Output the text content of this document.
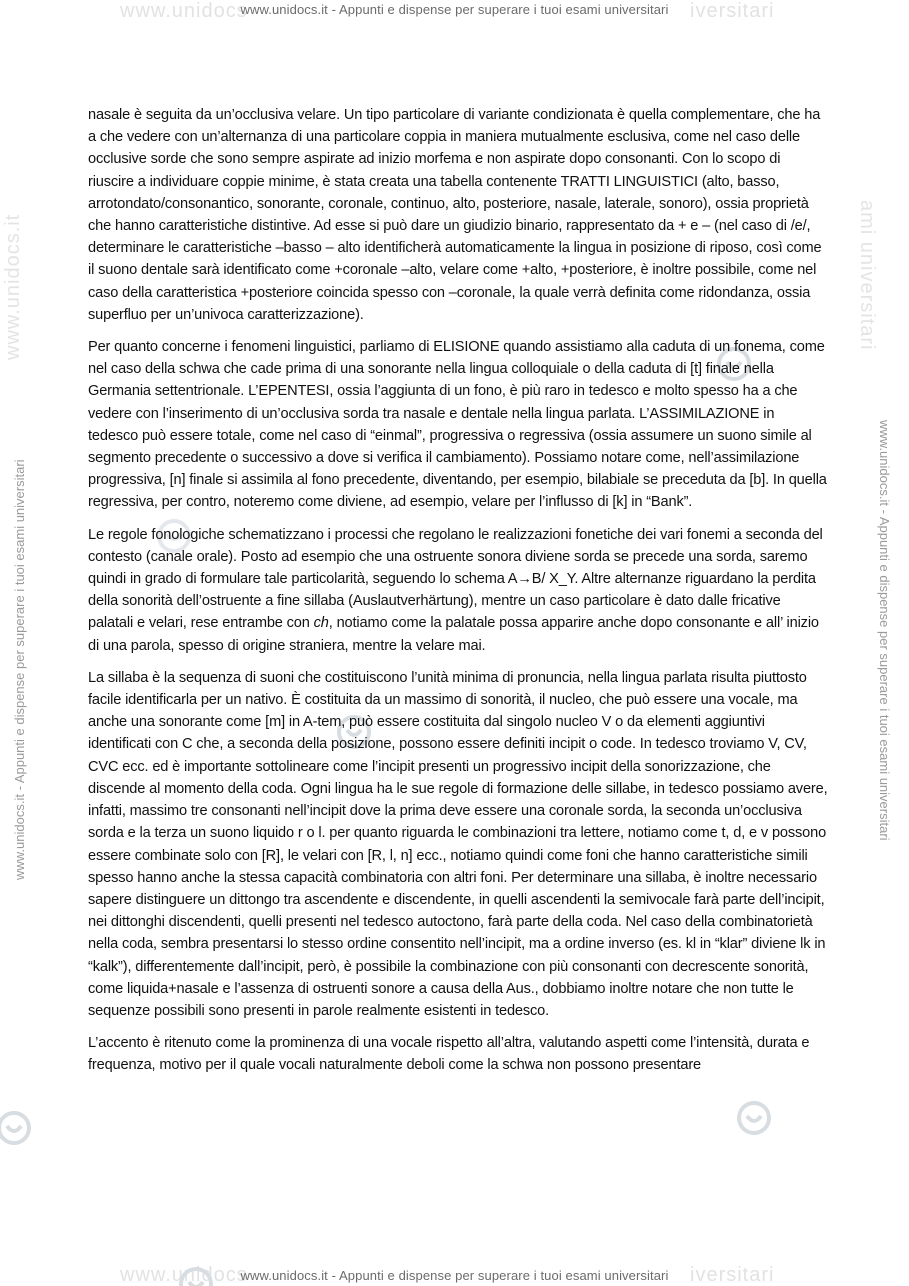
www.unidocs	iversitari
www.unidocs	iversitari
www.unidocs.it - Appunti e dispense per superare i tuoi esami universitari
www.unidocs.it - Appunti e dispense per superare i tuoi esami universitari
www.unidocs.it - Appunti e dispense per superare i tuoi esami universitari	www.unidocs.it - Appunti e dispense per superare i tuoi esami universitari
www.unidocs.it	ami universitari

nasale è seguita da un’occlusiva velare. Un tipo particolare di variante condizionata è quella complementare, che ha a che vedere con un’alternanza di una particolare coppia in maniera mutualmente esclusiva, come nel caso delle occlusive sorde che sono sempre aspirate ad inizio morfema e non aspirate dopo consonanti. Con lo scopo di riuscire a individuare coppie minime, è stata creata una tabella contenente TRATTI LINGUISTICI (alto, basso, arrotondato/consonantico, sonorante, coronale, continuo, alto, posteriore, nasale, laterale, sonoro), ossia proprietà che hanno caratteristiche distintive. Ad esse si può dare un giudizio binario, rappresentato da + e – (nel caso di /e/, determinare le caratteristiche –basso – alto identificherà automaticamente la lingua in posizione di riposo, così come il suono dentale sarà identificato come +coronale –alto, velare come +alto, +posteriore, è inoltre possibile, come nel caso della caratteristica +posteriore coincida spesso con –coronale, la quale verrà definita come ridondanza, ossia superfluo per un’univoca caratterizzazione).

Per quanto concerne i fenomeni linguistici, parliamo di ELISIONE quando assistiamo alla caduta di un fonema, come nel caso della schwa che cade prima di una sonorante nella lingua colloquiale o della caduta di [t] finale nella Germania settentrionale. L’EPENTESI, ossia l’aggiunta di un fono, è più raro in tedesco e molto spesso ha a che vedere con l’inserimento di un’occlusiva sorda tra nasale e dentale nella lingua parlata. L’ASSIMILAZIONE in tedesco può essere totale, come nel caso di “einmal”, progressiva o regressiva (ossia assumere un suono simile al segmento precedente o successivo a dove si verifica il cambiamento). Possiamo notare come, nell’assimilazione progressiva, [n] finale si assimila al fono precedente, diventando, per esempio, bilabiale se preceduta da [b]. In quella regressiva, per contro, noteremo come diviene, ad esempio, velare per l’influsso di [k] in “Bank”.

Le regole fonologiche schematizzano i processi che regolano le realizzazioni fonetiche dei vari fonemi a seconda del contesto (canale orale). Posto ad esempio che una ostruente sonora diviene sorda se precede una sorda, saremo quindi in grado di formulare tale particolarità, seguendo lo schema A→B/ X_Y. Altre alternanze riguardano la perdita della sonorità dell’ostruente a fine sillaba (Auslautverhärtung), mentre un caso particolare è dato dalle fricative palatali e velari, rese entrambe con ch, notiamo come la palatale possa apparire anche dopo consonante e all’ inizio di una parola, spesso di origine straniera, mentre la velare mai.

La sillaba è la sequenza di suoni che costituiscono l’unità minima di pronuncia, nella lingua parlata risulta piuttosto facile identificarla per un nativo. È costituita da un massimo di sonorità, il nucleo, che può essere una vocale, ma anche una sonorante come [m] in A-tem, può essere costituita dal singolo nucleo V o da elementi aggiuntivi identificati con C che, a seconda della posizione, possono essere definiti incipit o code. In tedesco troviamo V, CV, CVC ecc. ed è importante sottolineare come l’incipit presenti un progressivo incipit della sonorizzazione, che discende al momento della coda. Ogni lingua ha le sue regole di formazione delle sillabe, in tedesco possiamo avere, infatti, massimo tre consonanti nell’incipit dove la prima deve essere una coronale sorda, la seconda un’occlusiva sorda e la terza un suono liquido r o l. per quanto riguarda le combinazioni tra lettere, notiamo come t, d, e v possono essere combinate solo con [R], le velari con [R, l, n] ecc., notiamo quindi come foni che hanno caratteristiche simili spesso hanno anche la stessa capacità combinatoria con altri foni. Per determinare una sillaba, è inoltre necessario sapere distinguere un dittongo tra ascendente e discendente, in quelli ascendenti la semivocale farà parte dell’incipit, nei dittonghi discendenti, quelli presenti nel tedesco autoctono, farà parte della coda. Nel caso della combinatorietà nella coda, sembra presentarsi lo stesso ordine consentito nell’incipit, ma a ordine inverso (es. kl in “klar” diviene lk in “kalk”), differentemente dall’incipit, però, è possibile la combinazione con più consonanti con decrescente sonorità, come liquida+nasale e l’assenza di ostruenti sonore a causa della Aus., dobbiamo inoltre notare che non tutte le sequenze possibili sono presenti in parole realmente esistenti in tedesco.

L’accento è ritenuto come la prominenza di una vocale rispetto all’altra, valutando aspetti come l’intensità, durata e frequenza, motivo per il quale vocali naturalmente deboli come la schwa non possono presentare
